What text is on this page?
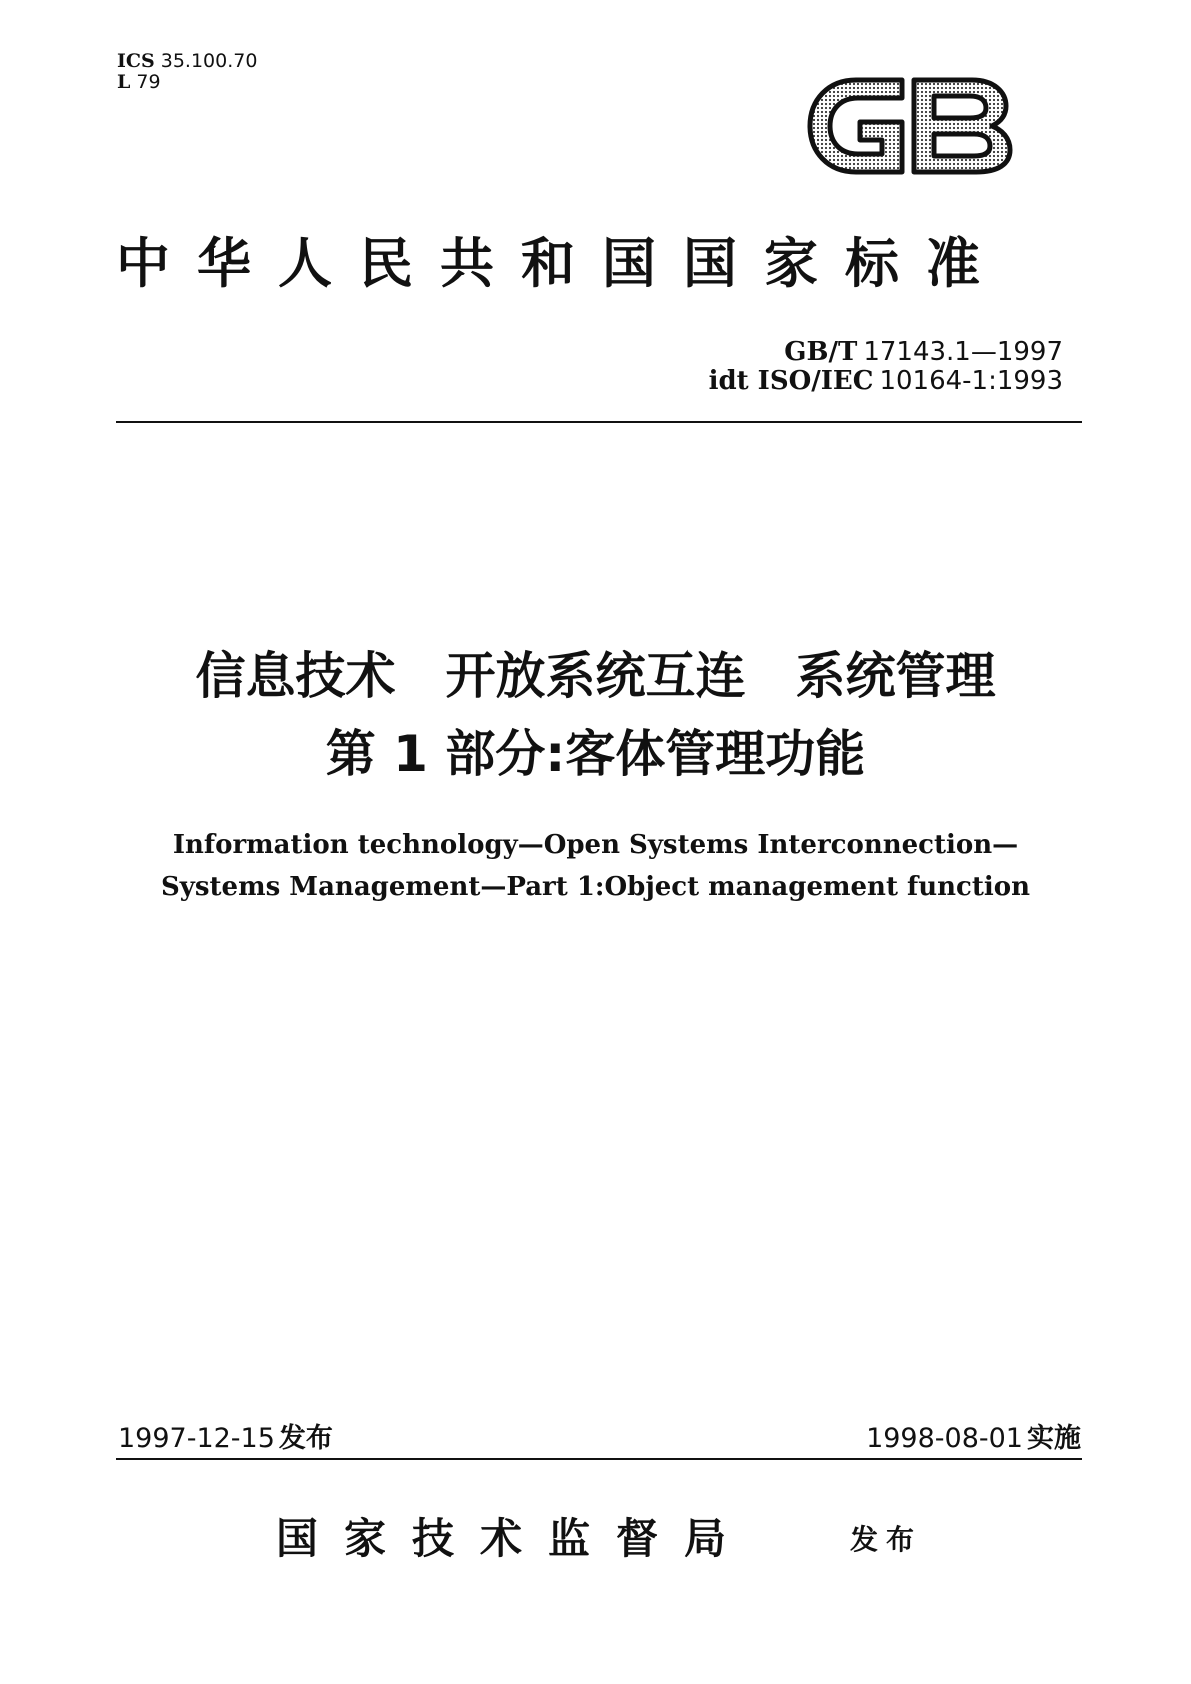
ICS 35.100.70
L 79
中华人民共和国国家标准
GB/T 17143.1—1997
idt ISO/IEC 10164-1:1993
信息技术　开放系统互连　系统管理
第 1 部分:客体管理功能
Information technology—Open Systems Interconnection—
Systems Management—Part 1:Object management function
1997-12-15 发布	1998-08-01 实施
国家技术监督局	发布
